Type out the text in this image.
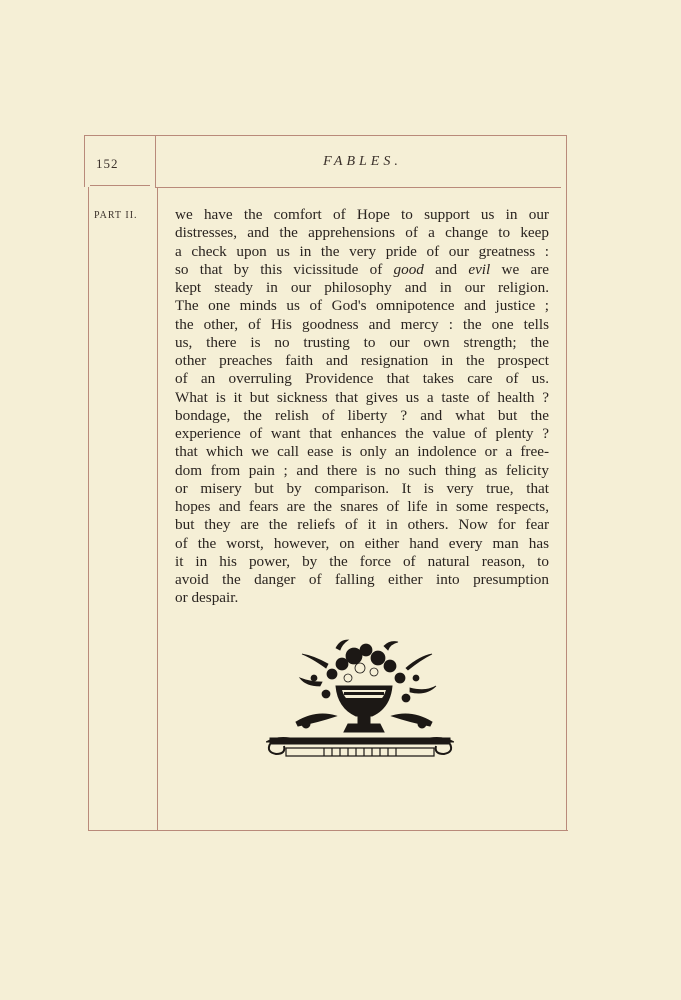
152	FABLES.
PART II.	we have the comfort of Hope to support us in our
distresses, and the apprehensions of a change to keep
a check upon us in the very pride of our greatness :
so that by this vicissitude of good and evil we are
kept steady in our philosophy and in our religion.
The one minds us of God's omnipotence and justice ;
the other, of His goodness and mercy : the one tells
us, there is no trusting to our own strength; the
other preaches faith and resignation in the prospect
of an overruling Providence that takes care of us.
What is it but sickness that gives us a taste of health ?
bondage, the relish of liberty ? and what but the
experience of want that enhances the value of plenty ?
that which we call ease is only an indolence or a free-
dom from pain ; and there is no such thing as felicity
or misery but by comparison. It is very true, that
hopes and fears are the snares of life in some respects,
but they are the reliefs of it in others. Now for fear
of the worst, however, on either hand every man has
it in his power, by the force of natural reason, to
avoid the danger of falling either into presumption
or despair.
